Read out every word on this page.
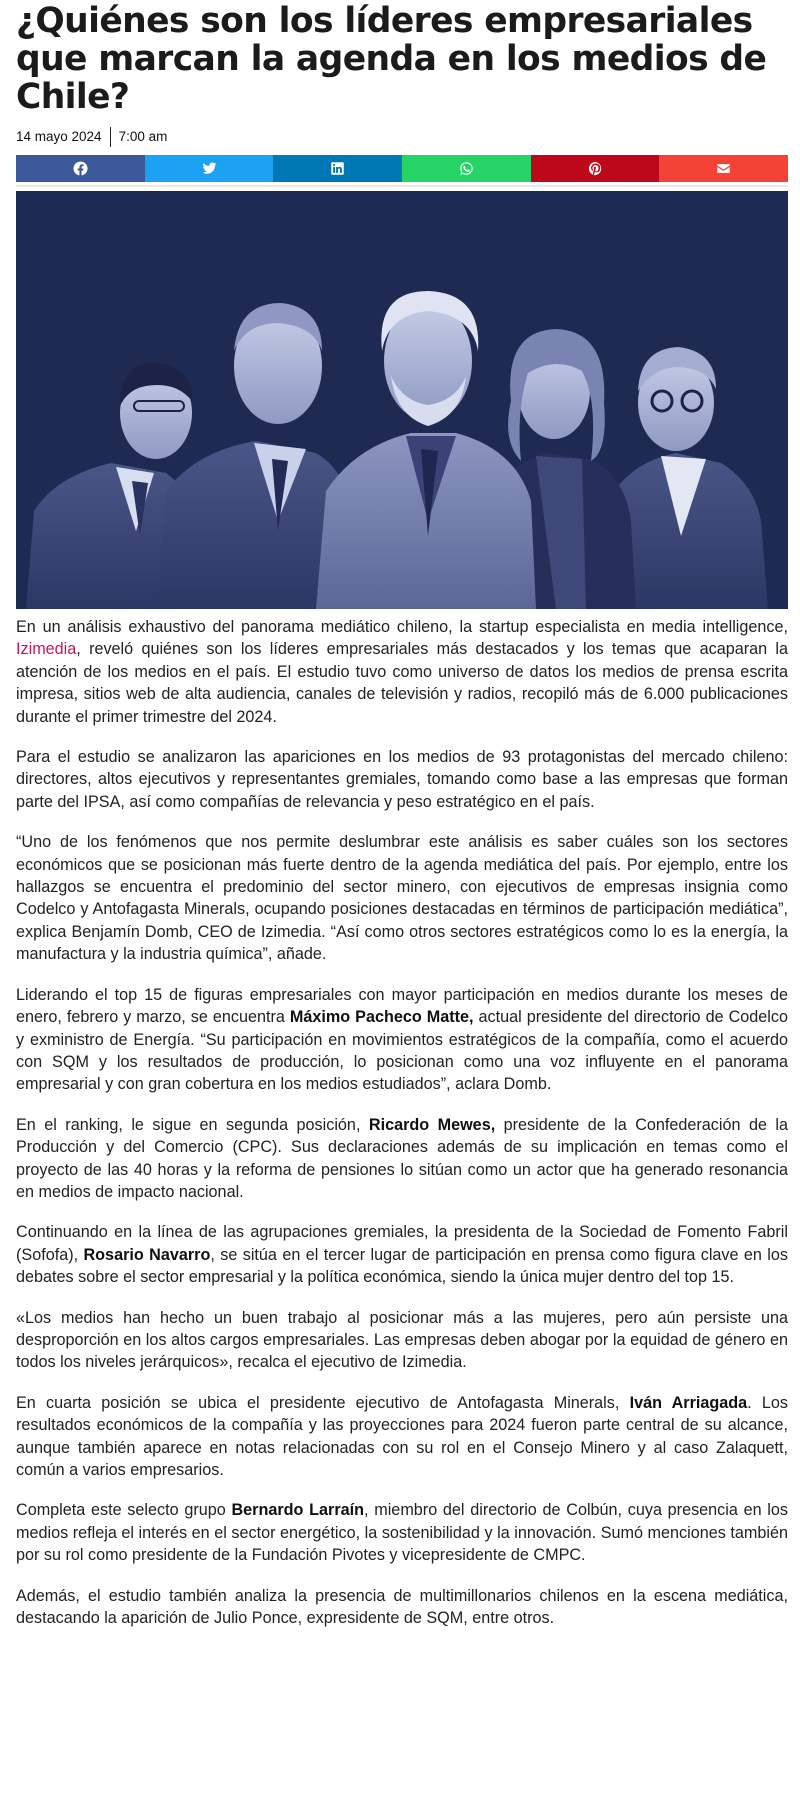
¿Quiénes son los líderes empresariales que marcan la agenda en los medios de Chile?
14 mayo 2024 7:00 am

En un análisis exhaustivo del panorama mediático chileno, la startup especialista en media intelligence, Izimedia, reveló quiénes son los líderes empresariales más destacados y los temas que acaparan la atención de los medios en el país. El estudio tuvo como universo de datos los medios de prensa escrita impresa, sitios web de alta audiencia, canales de televisión y radios, recopiló más de 6.000 publicaciones durante el primer trimestre del 2024.

Para el estudio se analizaron las apariciones en los medios de 93 protagonistas del mercado chileno: directores, altos ejecutivos y representantes gremiales, tomando como base a las empresas que forman parte del IPSA, así como compañías de relevancia y peso estratégico en el país.

“Uno de los fenómenos que nos permite deslumbrar este análisis es saber cuáles son los sectores económicos que se posicionan más fuerte dentro de la agenda mediática del país. Por ejemplo, entre los hallazgos se encuentra el predominio del sector minero, con ejecutivos de empresas insignia como Codelco y Antofagasta Minerals, ocupando posiciones destacadas en términos de participación mediática”, explica Benjamín Domb, CEO de Izimedia. “Así como otros sectores estratégicos como lo es la energía, la manufactura y la industria química”, añade.

Liderando el top 15 de figuras empresariales con mayor participación en medios durante los meses de enero, febrero y marzo, se encuentra Máximo Pacheco Matte, actual presidente del directorio de Codelco y exministro de Energía. “Su participación en movimientos estratégicos de la compañía, como el acuerdo con SQM y los resultados de producción, lo posicionan como una voz influyente en el panorama empresarial y con gran cobertura en los medios estudiados”, aclara Domb.

En el ranking, le sigue en segunda posición, Ricardo Mewes, presidente de la Confederación de la Producción y del Comercio (CPC). Sus declaraciones además de su implicación en temas como el proyecto de las 40 horas y la reforma de pensiones lo sitúan como un actor que ha generado resonancia en medios de impacto nacional.

Continuando en la línea de las agrupaciones gremiales, la presidenta de la Sociedad de Fomento Fabril (Sofofa), Rosario Navarro, se sitúa en el tercer lugar de participación en prensa como figura clave en los debates sobre el sector empresarial y la política económica, siendo la única mujer dentro del top 15.

«Los medios han hecho un buen trabajo al posicionar más a las mujeres, pero aún persiste una desproporción en los altos cargos empresariales. Las empresas deben abogar por la equidad de género en todos los niveles jerárquicos», recalca el ejecutivo de Izimedia.

En cuarta posición se ubica el presidente ejecutivo de Antofagasta Minerals, Iván Arriagada. Los resultados económicos de la compañía y las proyecciones para 2024 fueron parte central de su alcance, aunque también aparece en notas relacionadas con su rol en el Consejo Minero y al caso Zalaquett, común a varios empresarios.

Completa este selecto grupo Bernardo Larraín, miembro del directorio de Colbún, cuya presencia en los medios refleja el interés en el sector energético, la sostenibilidad y la innovación. Sumó menciones también por su rol como presidente de la Fundación Pivotes y vicepresidente de CMPC.

Además, el estudio también analiza la presencia de multimillonarios chilenos en la escena mediática, destacando la aparición de Julio Ponce, expresidente de SQM, entre otros.
